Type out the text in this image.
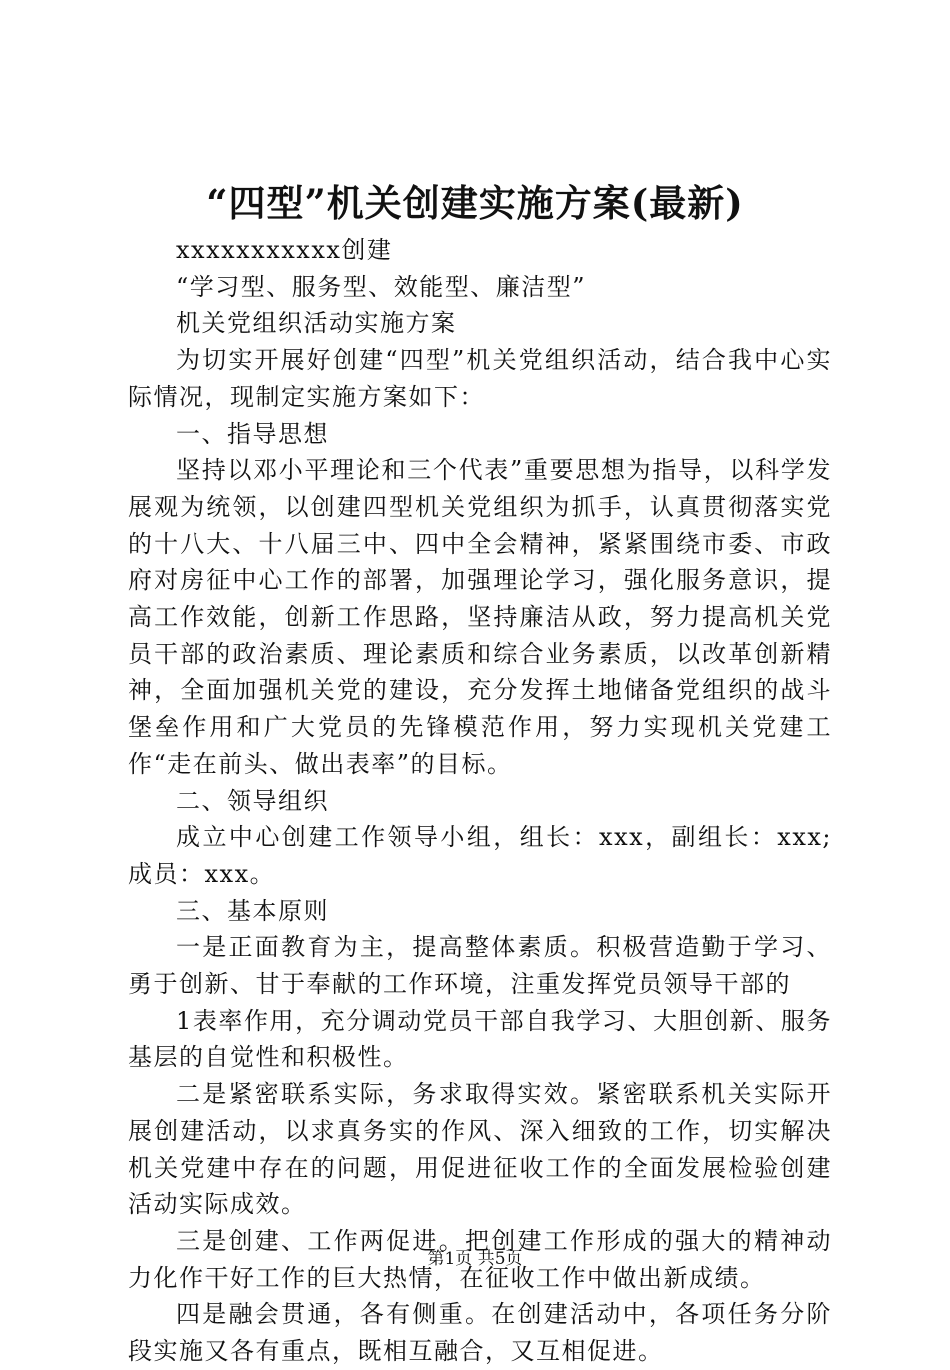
“四型”机关创建实施方案(最新)

xxxxxxxxxxx创建

“学习型、服务型、效能型、廉洁型”

机关党组织活动实施方案

为切实开展好创建“四型”机关党组织活动，结合我中心实际情况，现制定实施方案如下：

一、指导思想

坚持以邓小平理论和三个代表”重要思想为指导，以科学发展观为统领，以创建四型机关党组织为抓手，认真贯彻落实党的十八大、十八届三中、四中全会精神，紧紧围绕市委、市政府对房征中心工作的部署，加强理论学习，强化服务意识，提高工作效能，创新工作思路，坚持廉洁从政，努力提高机关党员干部的政治素质、理论素质和综合业务素质，以改革创新精神，全面加强机关党的建设，充分发挥土地储备党组织的战斗堡垒作用和广大党员的先锋模范作用，努力实现机关党建工作“走在前头、做出表率”的目标。

二、领导组织

成立中心创建工作领导小组，组长：xxx，副组长：xxx;成员：xxx。

三、基本原则

一是正面教育为主，提高整体素质。积极营造勤于学习、勇于创新、甘于奉献的工作环境，注重发挥党员领导干部的

1表率作用，充分调动党员干部自我学习、大胆创新、服务基层的自觉性和积极性。

二是紧密联系实际，务求取得实效。紧密联系机关实际开展创建活动，以求真务实的作风、深入细致的工作，切实解决机关党建中存在的问题，用促进征收工作的全面发展检验创建活动实际成效。

三是创建、工作两促进。把创建工作形成的强大的精神动力化作干好工作的巨大热情，在征收工作中做出新成绩。

四是融会贯通，各有侧重。在创建活动中，各项任务分阶段实施又各有重点，既相互融合，又互相促进。

第1页 共5页
